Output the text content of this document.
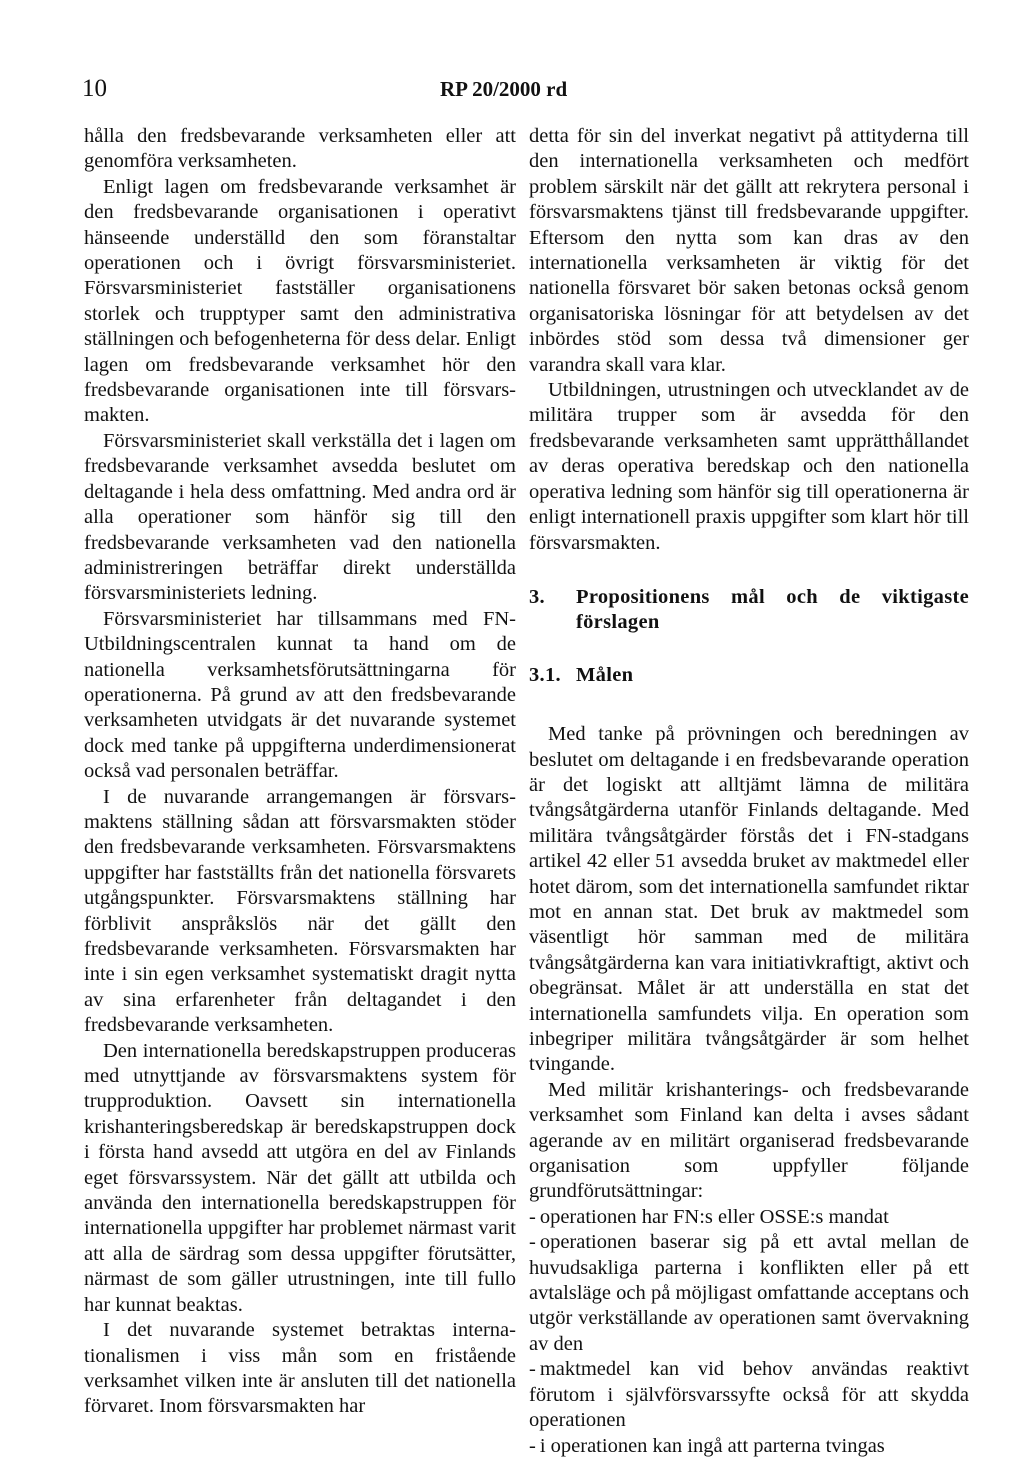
10	RP 20/2000 rd

hålla den fredsbevarande verksamheten eller att genomföra verksamheten.

Enligt lagen om fredsbevarande verksamhet är den fredsbevarande organisationen i operativt hänseende underställd den som föranstaltar operationen och i övrigt försvarsministeriet. Försvarsministeriet fastställer organisationens storlek och trupptyper samt den administrativa ställningen och befogenheterna för dess delar. Enligt lagen om fredsbevarande verksamhet hör den fredsbevarande organisationen inte till försvarsmakten.

Försvarsministeriet skall verkställa det i lagen om fredsbevarande verksamhet avsedda beslutet om deltagande i hela dess omfattning. Med andra ord är alla operationer som hänför sig till den fredsbevarande verksamheten vad den nationella administreringen beträffar direkt underställda försvarsministeriets ledning.

Försvarsministeriet har tillsammans med FN-Utbildningscentralen kunnat ta hand om de nationella verksamhetsförutsättningarna för operationerna. På grund av att den fredsbevarande verksamheten utvidgats är det nuvarande systemet dock med tanke på uppgifterna underdimensionerat också vad personalen beträffar.

I de nuvarande arrangemangen är försvarsmaktens ställning sådan att försvarsmakten stöder den fredsbevarande verksamheten. Försvarsmaktens uppgifter har fastställts från det nationella försvarets utgångspunkter. Försvarsmaktens ställning har förblivit anspråkslös när det gällt den fredsbevarande verksamheten. Försvarsmakten har inte i sin egen verksamhet systematiskt dragit nytta av sina erfarenheter från deltagandet i den fredsbevarande verksamheten.

Den internationella beredskapstruppen produceras med utnyttjande av försvarsmaktens system för trupproduktion. Oavsett sin internationella krishanteringsberedskap är beredskapstruppen dock i första hand avsedd att utgöra en del av Finlands eget försvarssystem. När det gällt att utbilda och använda den internationella beredskapstruppen för internationella uppgifter har problemet närmast varit att alla de särdrag som dessa uppgifter förutsätter, närmast de som gäller utrustningen, inte till fullo har kunnat beaktas.

I det nuvarande systemet betraktas internationalismen i viss mån som en fristående verksamhet vilken inte är ansluten till det nationella förvaret. Inom försvarsmakten har

detta för sin del inverkat negativt på attityderna till den internationella verksamheten och medfört problem särskilt när det gällt att rekrytera personal i försvarsmaktens tjänst till fredsbevarande uppgifter. Eftersom den nytta som kan dras av den internationella verksamheten är viktig för det nationella försvaret bör saken betonas också genom organisatoriska lösningar för att betydelsen av det inbördes stöd som dessa två dimensioner ger varandra skall vara klar.

Utbildningen, utrustningen och utvecklandet av de militära trupper som är avsedda för den fredsbevarande verksamheten samt upprätthållandet av deras operativa beredskap och den nationella operativa ledning som hänför sig till operationerna är enligt internationell praxis uppgifter som klart hör till försvarsmakten.

3.	Propositionens mål och de viktigaste förslagen
3.1. Målen

Med tanke på prövningen och beredningen av beslutet om deltagande i en fredsbevarande operation är det logiskt att alltjämt lämna de militära tvångsåtgärderna utanför Finlands deltagande. Med militära tvångsåtgärder förstås det i FN-stadgans artikel 42 eller 51 avsedda bruket av maktmedel eller hotet därom, som det internationella samfundet riktar mot en annan stat. Det bruk av maktmedel som väsentligt hör samman med de militära tvångsåtgärderna kan vara initiativkraftigt, aktivt och obegränsat. Målet är att underställa en stat det internationella samfundets vilja. En operation som inbegriper militära tvångsåtgärder är som helhet tvingande.

Med militär krishanterings- och fredsbevarande verksamhet som Finland kan delta i avses sådant agerande av en militärt organiserad fredsbevarande organisation som uppfyller följande grundförutsättningar:

- operationen har FN:s eller OSSE:s mandat
- operationen baserar sig på ett avtal mellan de huvudsakliga parterna i konflikten eller på ett avtalsläge och på möjligast omfattande acceptans och utgör verkställande av operationen samt övervakning av den
- maktmedel kan vid behov användas reaktivt förutom i självförsvarssyfte också för att skydda operationen
- i operationen kan ingå att parterna tvingas
